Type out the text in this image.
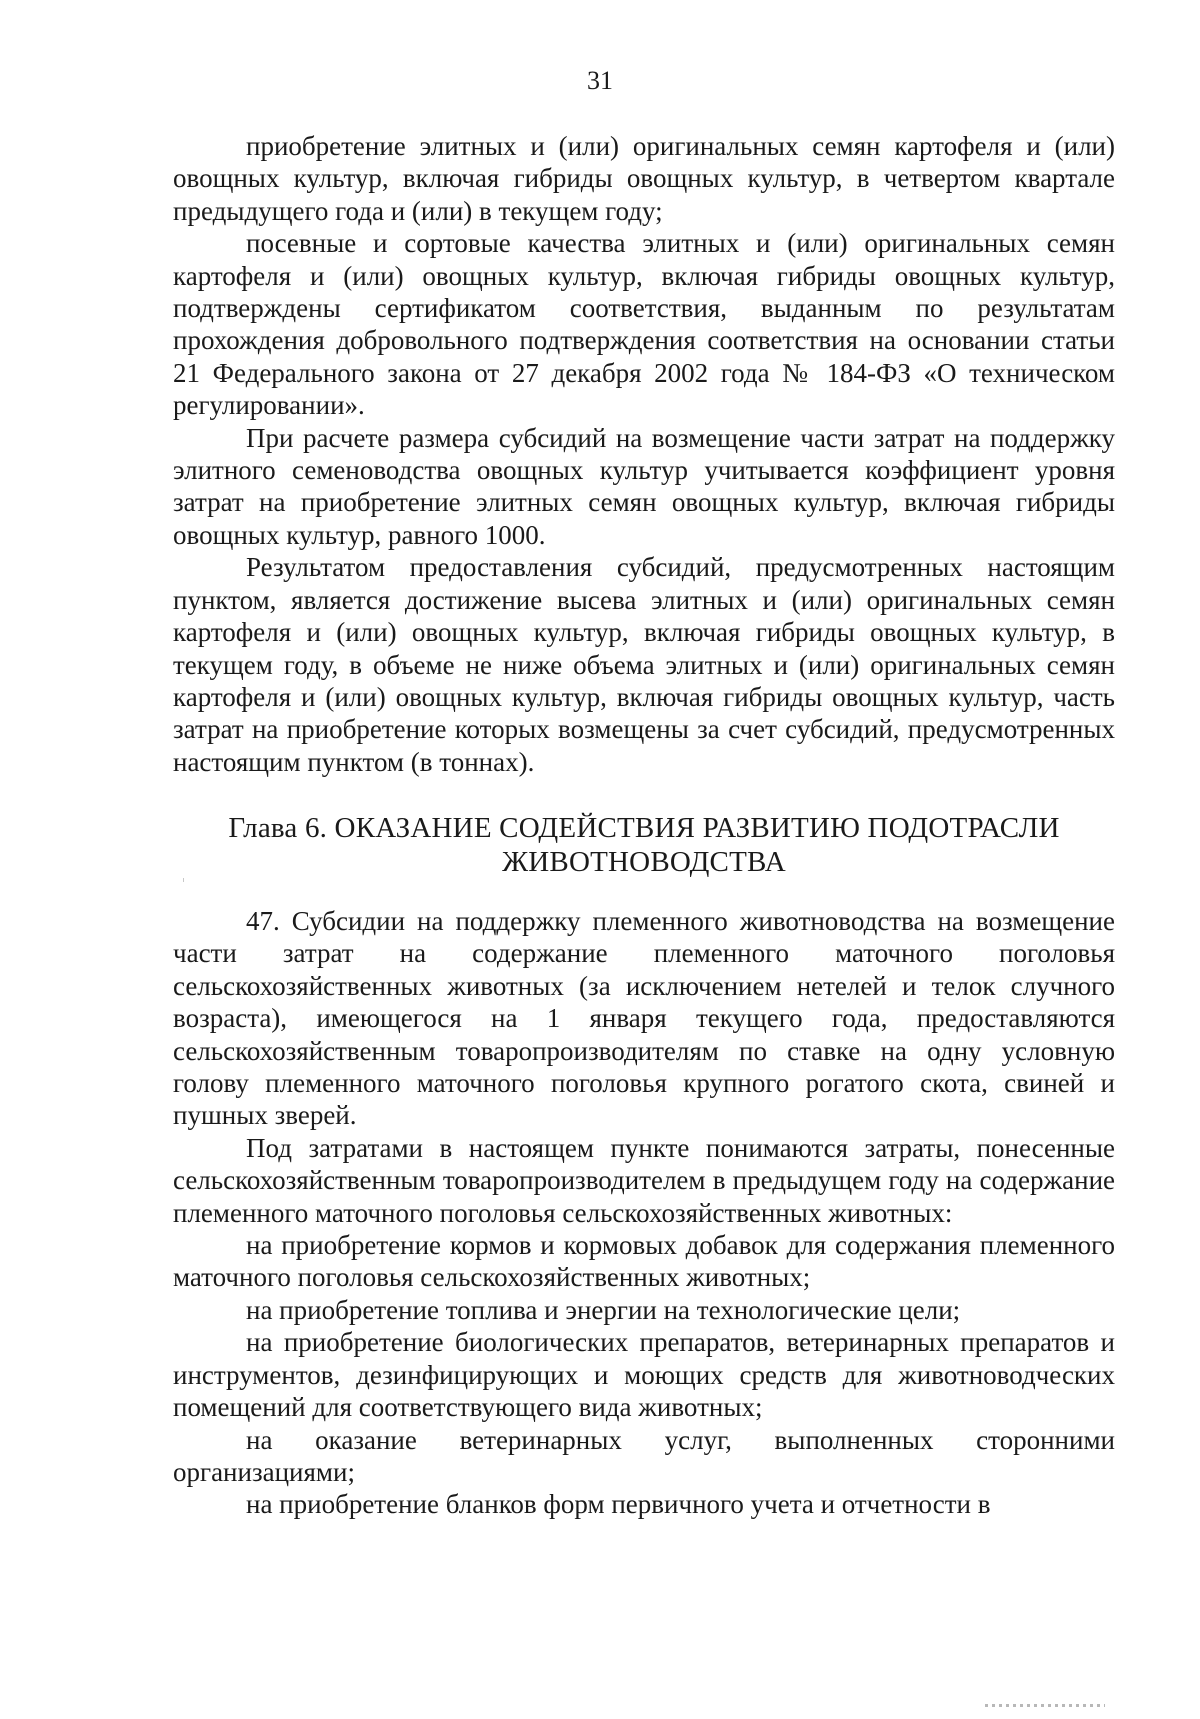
31

приобретение элитных и (или) оригинальных семян картофеля и (или) овощных культур, включая гибриды овощных культур, в четвертом квартале предыдущего года и (или) в текущем году;

посевные и сортовые качества элитных и (или) оригинальных семян картофеля и (или) овощных культур, включая гибриды овощных культур, подтверждены сертификатом соответствия, выданным по результатам прохождения добровольного подтверждения соответствия на основании статьи 21 Федерального закона от 27 декабря 2002 года № 184-ФЗ «О техническом регулировании».

При расчете размера субсидий на возмещение части затрат на поддержку элитного семеноводства овощных культур учитывается коэффициент уровня затрат на приобретение элитных семян овощных культур, включая гибриды овощных культур, равного 1000.

Результатом предоставления субсидий, предусмотренных настоящим пунктом, является достижение высева элитных и (или) оригинальных семян картофеля и (или) овощных культур, включая гибриды овощных культур, в текущем году, в объеме не ниже объема элитных и (или) оригинальных семян картофеля и (или) овощных культур, включая гибриды овощных культур, часть затрат на приобретение которых возмещены за счет субсидий, предусмотренных настоящим пунктом (в тоннах).

Глава 6. ОКАЗАНИЕ СОДЕЙСТВИЯ РАЗВИТИЮ ПОДОТРАСЛИ
ЖИВОТНОВОДСТВА

47. Субсидии на поддержку племенного животноводства на возмещение части затрат на содержание племенного маточного поголовья сельскохозяйственных животных (за исключением нетелей и телок случного возраста), имеющегося на 1 января текущего года, предоставляются сельскохозяйственным товаропроизводителям по ставке на одну условную голову племенного маточного поголовья крупного рогатого скота, свиней и пушных зверей.

Под затратами в настоящем пункте понимаются затраты, понесенные сельскохозяйственным товаропроизводителем в предыдущем году на содержание племенного маточного поголовья сельскохозяйственных животных:

на приобретение кормов и кормовых добавок для содержания племенного маточного поголовья сельскохозяйственных животных;

на приобретение топлива и энергии на технологические цели;

на приобретение биологических препаратов, ветеринарных препаратов и инструментов, дезинфицирующих и моющих средств для животноводческих помещений для соответствующего вида животных;

на оказание ветеринарных услуг, выполненных сторонними организациями;

на приобретение бланков форм первичного учета и отчетности в
